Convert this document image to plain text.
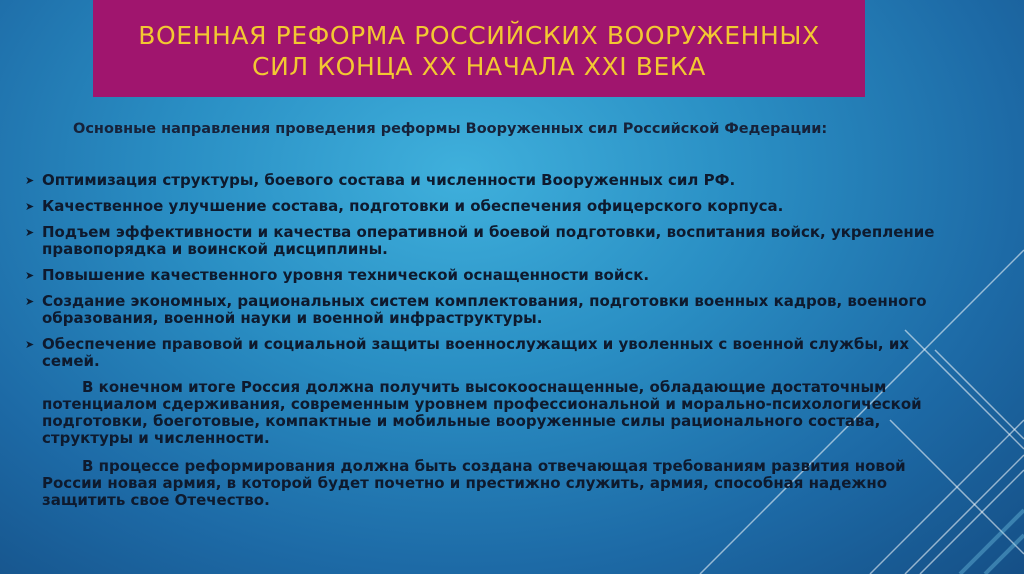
ВОЕННАЯ РЕФОРМА РОССИЙСКИХ ВООРУЖЕННЫХ
СИЛ КОНЦА XX НАЧАЛА XXI ВЕКА

Основные направления проведения реформы Вооруженных сил Российской Федерации:

➤ Оптимизация структуры, боевого состава и численности Вооруженных сил РФ.
➤ Качественное улучшение состава, подготовки и обеспечения офицерского корпуса.
➤ Подъем эффективности и качества оперативной и боевой подготовки, воспитания войск, укрепление правопорядка и воинской дисциплины.
➤ Повышение качественного уровня технической оснащенности войск.
➤ Создание экономных, рациональных систем комплектования, подготовки военных кадров, военного образования, военной науки и военной инфраструктуры.
➤ Обеспечение правовой и социальной защиты военнослужащих и уволенных с военной службы, их семей.

В конечном итоге Россия должна получить высокооснащенные, обладающие достаточным потенциалом сдерживания, современным уровнем профессиональной и морально-психологической подготовки, боеготовые, компактные и мобильные вооруженные силы рационального состава, структуры и численности.

В процессе реформирования должна быть создана отвечающая требованиям развития новой России новая армия, в которой будет почетно и престижно служить, армия, способная надежно защитить свое Отечество.
